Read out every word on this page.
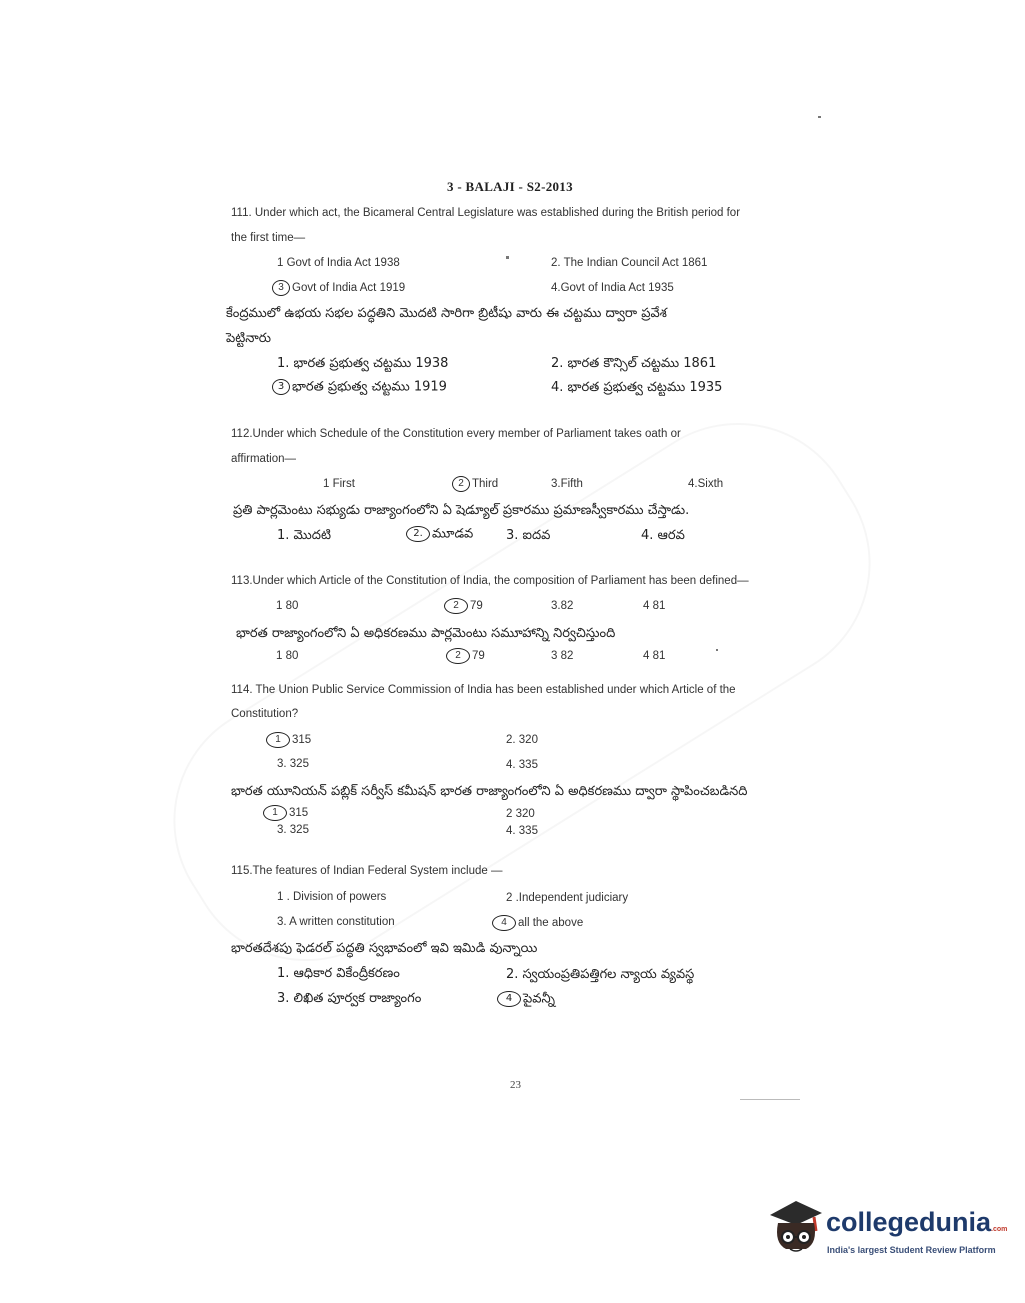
3 - BALAJI - S2-2013
111. Under which act, the Bicameral Central Legislature was established during the British period for
the first time—
1 Govt of India Act 1938	2. The Indian Council Act 1861
3 Govt of India Act 1919	4.Govt of India Act 1935
కేంద్రములో ఉభయ సభల పద్ధతిని మొదటి సారిగా బ్రిటీషు వారు ఈ చట్టము ద్వారా ప్రవేశ
పెట్టినారు
1. భారత ప్రభుత్వ చట్టము 1938	2. భారత కౌన్సిల్ చట్టము 1861
3 భారత ప్రభుత్వ చట్టము 1919	4. భారత ప్రభుత్వ చట్టము 1935
112.Under which Schedule of the Constitution every member of Parliament takes oath or
affirmation—
1 First	2 Third	3.Fifth	4.Sixth
ప్రతి పార్లమెంటు సభ్యుడు రాజ్యాంగంలోని ఏ షెడ్యూల్ ప్రకారము ప్రమాణస్వీకారము చేస్తాడు.
1. మొదటి	2. మూడవ	3. ఐదవ	4. ఆరవ
113.Under which Article of the Constitution of India, the composition of Parliament has been defined—
1 80	2 79	3.82	4 81
భారత రాజ్యాంగంలోని ఏ అధికరణము పార్లమెంటు సమూహాన్ని నిర్వచిస్తుంది
1 80	2 79	3 82	4 81
114. The Union Public Service Commission of India has been established under which Article of the
Constitution?
1 315	2. 320
3. 325	4. 335
భారత యూనియన్ పబ్లిక్ సర్వీస్ కమీషన్ భారత రాజ్యాంగంలోని ఏ అధికరణము ద్వారా స్థాపించబడినది
1 315	2 320
3. 325	4. 335
115.The features of Indian Federal System include —
1 . Division of powers	2 .Independent judiciary
3. A written constitution	4 all the above
భారతదేశపు ఫెడరల్ పద్ధతి స్వభావంలో ఇవి ఇమిడి వున్నాయి
1. ఆధికార వికేంద్రీకరణం	2. స్వయంప్రతిపత్తిగల న్యాయ వ్యవస్థ
3. లిఖిత పూర్వక రాజ్యాంగం	4 పైవన్నీ
23
collegedunia.com
India's largest Student Review Platform
